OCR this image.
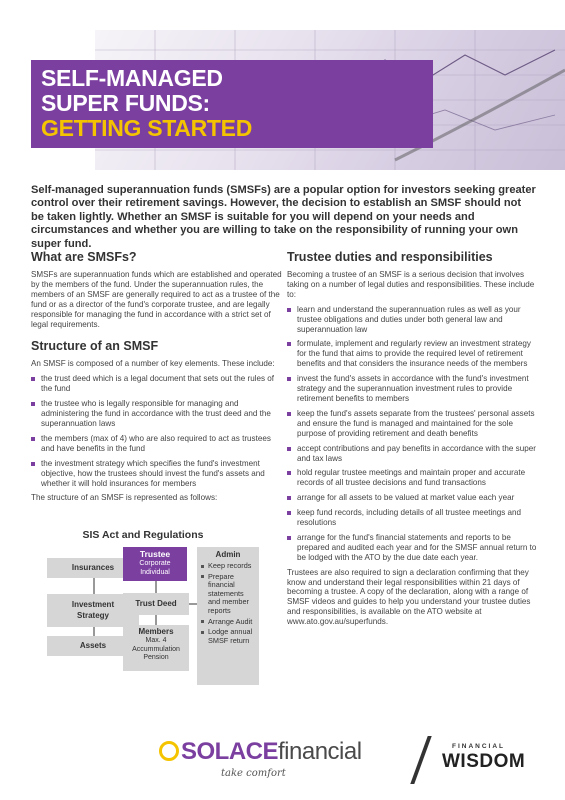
SELF-MANAGED
SUPER FUNDS:
GETTING STARTED

Self-managed superannuation funds (SMSFs) are a popular option for investors seeking greater control over their retirement savings. However, the decision to establish an SMSF should not be taken lightly. Whether an SMSF is suitable for you will depend on your needs and circumstances and whether you are willing to take on the responsibility of running your own super fund.

What are SMSFs?

SMSFs are superannuation funds which are established and operated by the members of the fund. Under the superannuation rules, the members of an SMSF are generally required to act as a trustee of the fund or as a director of the fund's corporate trustee, and are legally responsible for managing the fund in accordance with a strict set of legal requirements.

Structure of an SMSF

An SMSF is composed of a number of key elements. These include:

the trust deed which is a legal document that sets out the rules of the fund
the trustee who is legally responsible for managing and administering the fund in accordance with the trust deed and the superannuation laws
the members (max of 4) who are also required to act as trustees and have benefits in the fund
the investment strategy which specifies the fund's investment objective, how the trustees should invest the fund's assets and whether it will hold insurances for members

The structure of an SMSF is represented as follows:

SIS Act and Regulations
Insurances
Investment
Strategy
Assets
Trustee
Corporate
Individual
Trust Deed
Members
Max. 4
Accummulation
Pension
Admin
Keep records
Prepare financial statements and member reports
Arrange Audit
Lodge annual SMSF return
Trustee duties and responsibilities

Becoming a trustee of an SMSF is a serious decision that involves taking on a number of legal duties and responsibilities. These include to:

learn and understand the superannuation rules as well as your trustee obligations and duties under both general law and superannuation law
formulate, implement and regularly review an investment strategy for the fund that aims to provide the required level of retirement benefits and that considers the insurance needs of the members
invest the fund's assets in accordance with the fund's investment strategy and the superannuation investment rules to provide retirement benefits to members
keep the fund's assets separate from the trustees' personal assets and ensure the fund is managed and maintained for the sole purpose of providing retirement and death benefits
accept contributions and pay benefits in accordance with the super and tax laws
hold regular trustee meetings and maintain proper and accurate records of all trustee decisions and fund transactions
arrange for all assets to be valued at market value each year
keep fund records, including details of all trustee meetings and resolutions
arrange for the fund's financial statements and reports to be prepared and audited each year and for the SMSF annual return to be lodged with the ATO by the due date each year.

Trustees are also required to sign a declaration confirming that they know and understand their legal responsibilities within 21 days of becoming a trustee. A copy of the declaration, along with a range of SMSF videos and guides to help you understand your trustee duties and responsibilities, is available on the ATO website at www.ato.gov.au/superfunds.

SOLACEfinancial
take comfort
FINANCIAL
WISDOM
